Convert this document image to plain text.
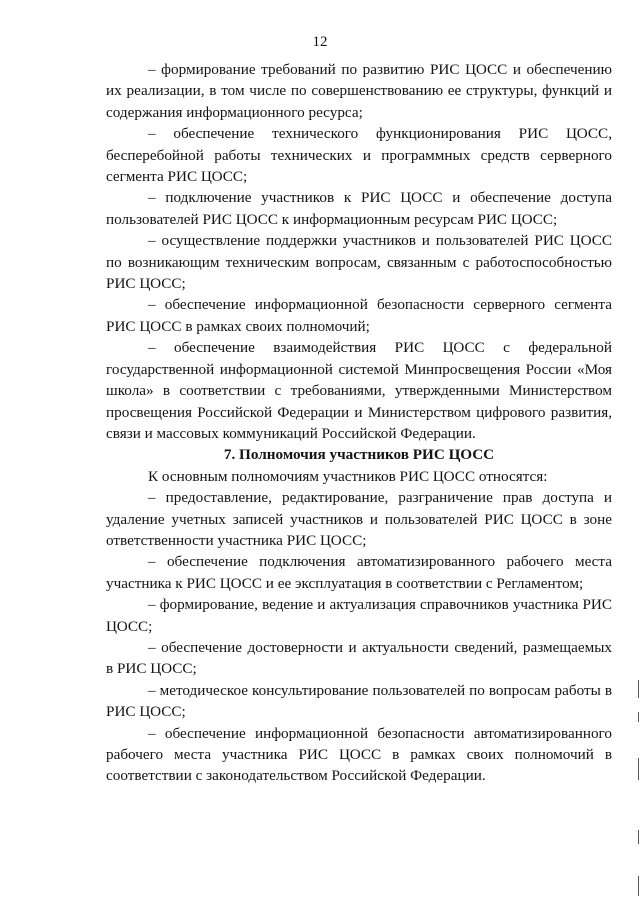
12

– формирование требований по развитию РИС ЦОСС и обеспечению их реализации, в том числе по совершенствованию ее структуры, функций и содержания информационного ресурса;

– обеспечение технического функционирования РИС ЦОСС, бесперебойной работы технических и программных средств серверного сегмента РИС ЦОСС;

– подключение участников к РИС ЦОСС и обеспечение доступа пользователей РИС ЦОСС к информационным ресурсам РИС ЦОСС;

– осуществление поддержки участников и пользователей РИС ЦОСС по возникающим техническим вопросам, связанным с работоспособностью РИС ЦОСС;

– обеспечение информационной безопасности серверного сегмента РИС ЦОСС в рамках своих полномочий;

– обеспечение взаимодействия РИС ЦОСС с федеральной государственной информационной системой Минпросвещения России «Моя школа» в соответствии с требованиями, утвержденными Министерством просвещения Российской Федерации и Министерством цифрового развития, связи и массовых коммуникаций Российской Федерации.

7. Полномочия участников РИС ЦОСС

К основным полномочиям участников РИС ЦОСС относятся:

– предоставление, редактирование, разграничение прав доступа и удаление учетных записей участников и пользователей РИС ЦОСС в зоне ответственности участника РИС ЦОСС;

– обеспечение подключения автоматизированного рабочего места участника к РИС ЦОСС и ее эксплуатация в соответствии с Регламентом;

– формирование, ведение и актуализация справочников участника РИС ЦОСС;

– обеспечение достоверности и актуальности сведений, размещаемых в РИС ЦОСС;

– методическое консультирование пользователей по вопросам работы в РИС ЦОСС;

– обеспечение информационной безопасности автоматизированного рабочего места участника РИС ЦОСС в рамках своих полномочий в соответствии с законодательством Российской Федерации.
